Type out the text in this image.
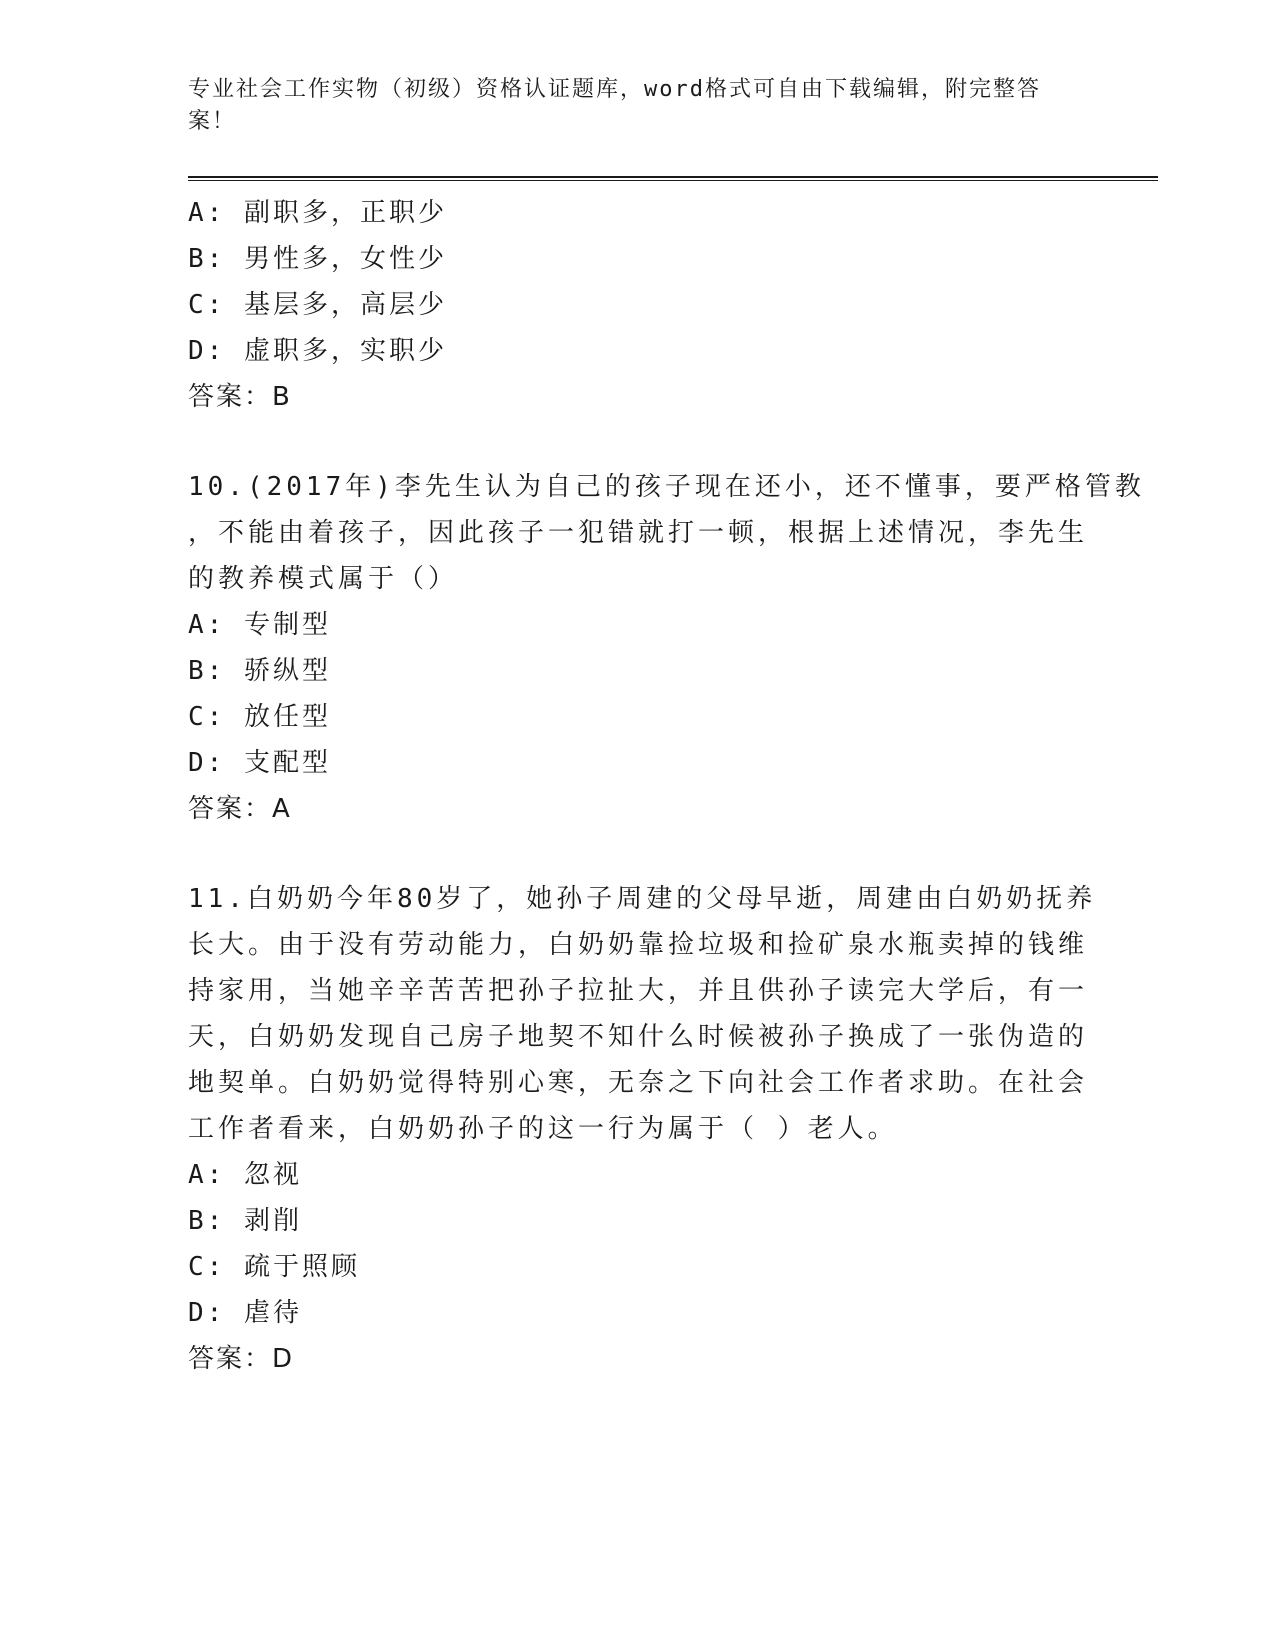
专业社会工作实物（初级）资格认证题库，word格式可自由下载编辑，附完整答
案！
A: 副职多，正职少
B: 男性多，女性少
C: 基层多，高层少
D: 虚职多，实职少
答案：B
10.(2017年)李先生认为自己的孩子现在还小，还不懂事，要严格管教
，不能由着孩子，因此孩子一犯错就打一顿，根据上述情况，李先生
的教养模式属于（）
A: 专制型
B: 骄纵型
C: 放任型
D: 支配型
答案：A
11.白奶奶今年80岁了，她孙子周建的父母早逝，周建由白奶奶抚养
长大。由于没有劳动能力，白奶奶靠捡垃圾和捡矿泉水瓶卖掉的钱维
持家用，当她辛辛苦苦把孙子拉扯大，并且供孙子读完大学后，有一
天，白奶奶发现自己房子地契不知什么时候被孙子换成了一张伪造的
地契单。白奶奶觉得特别心寒，无奈之下向社会工作者求助。在社会
工作者看来，白奶奶孙子的这一行为属于（ ）老人。
A: 忽视
B: 剥削
C: 疏于照顾
D: 虐待
答案：D
